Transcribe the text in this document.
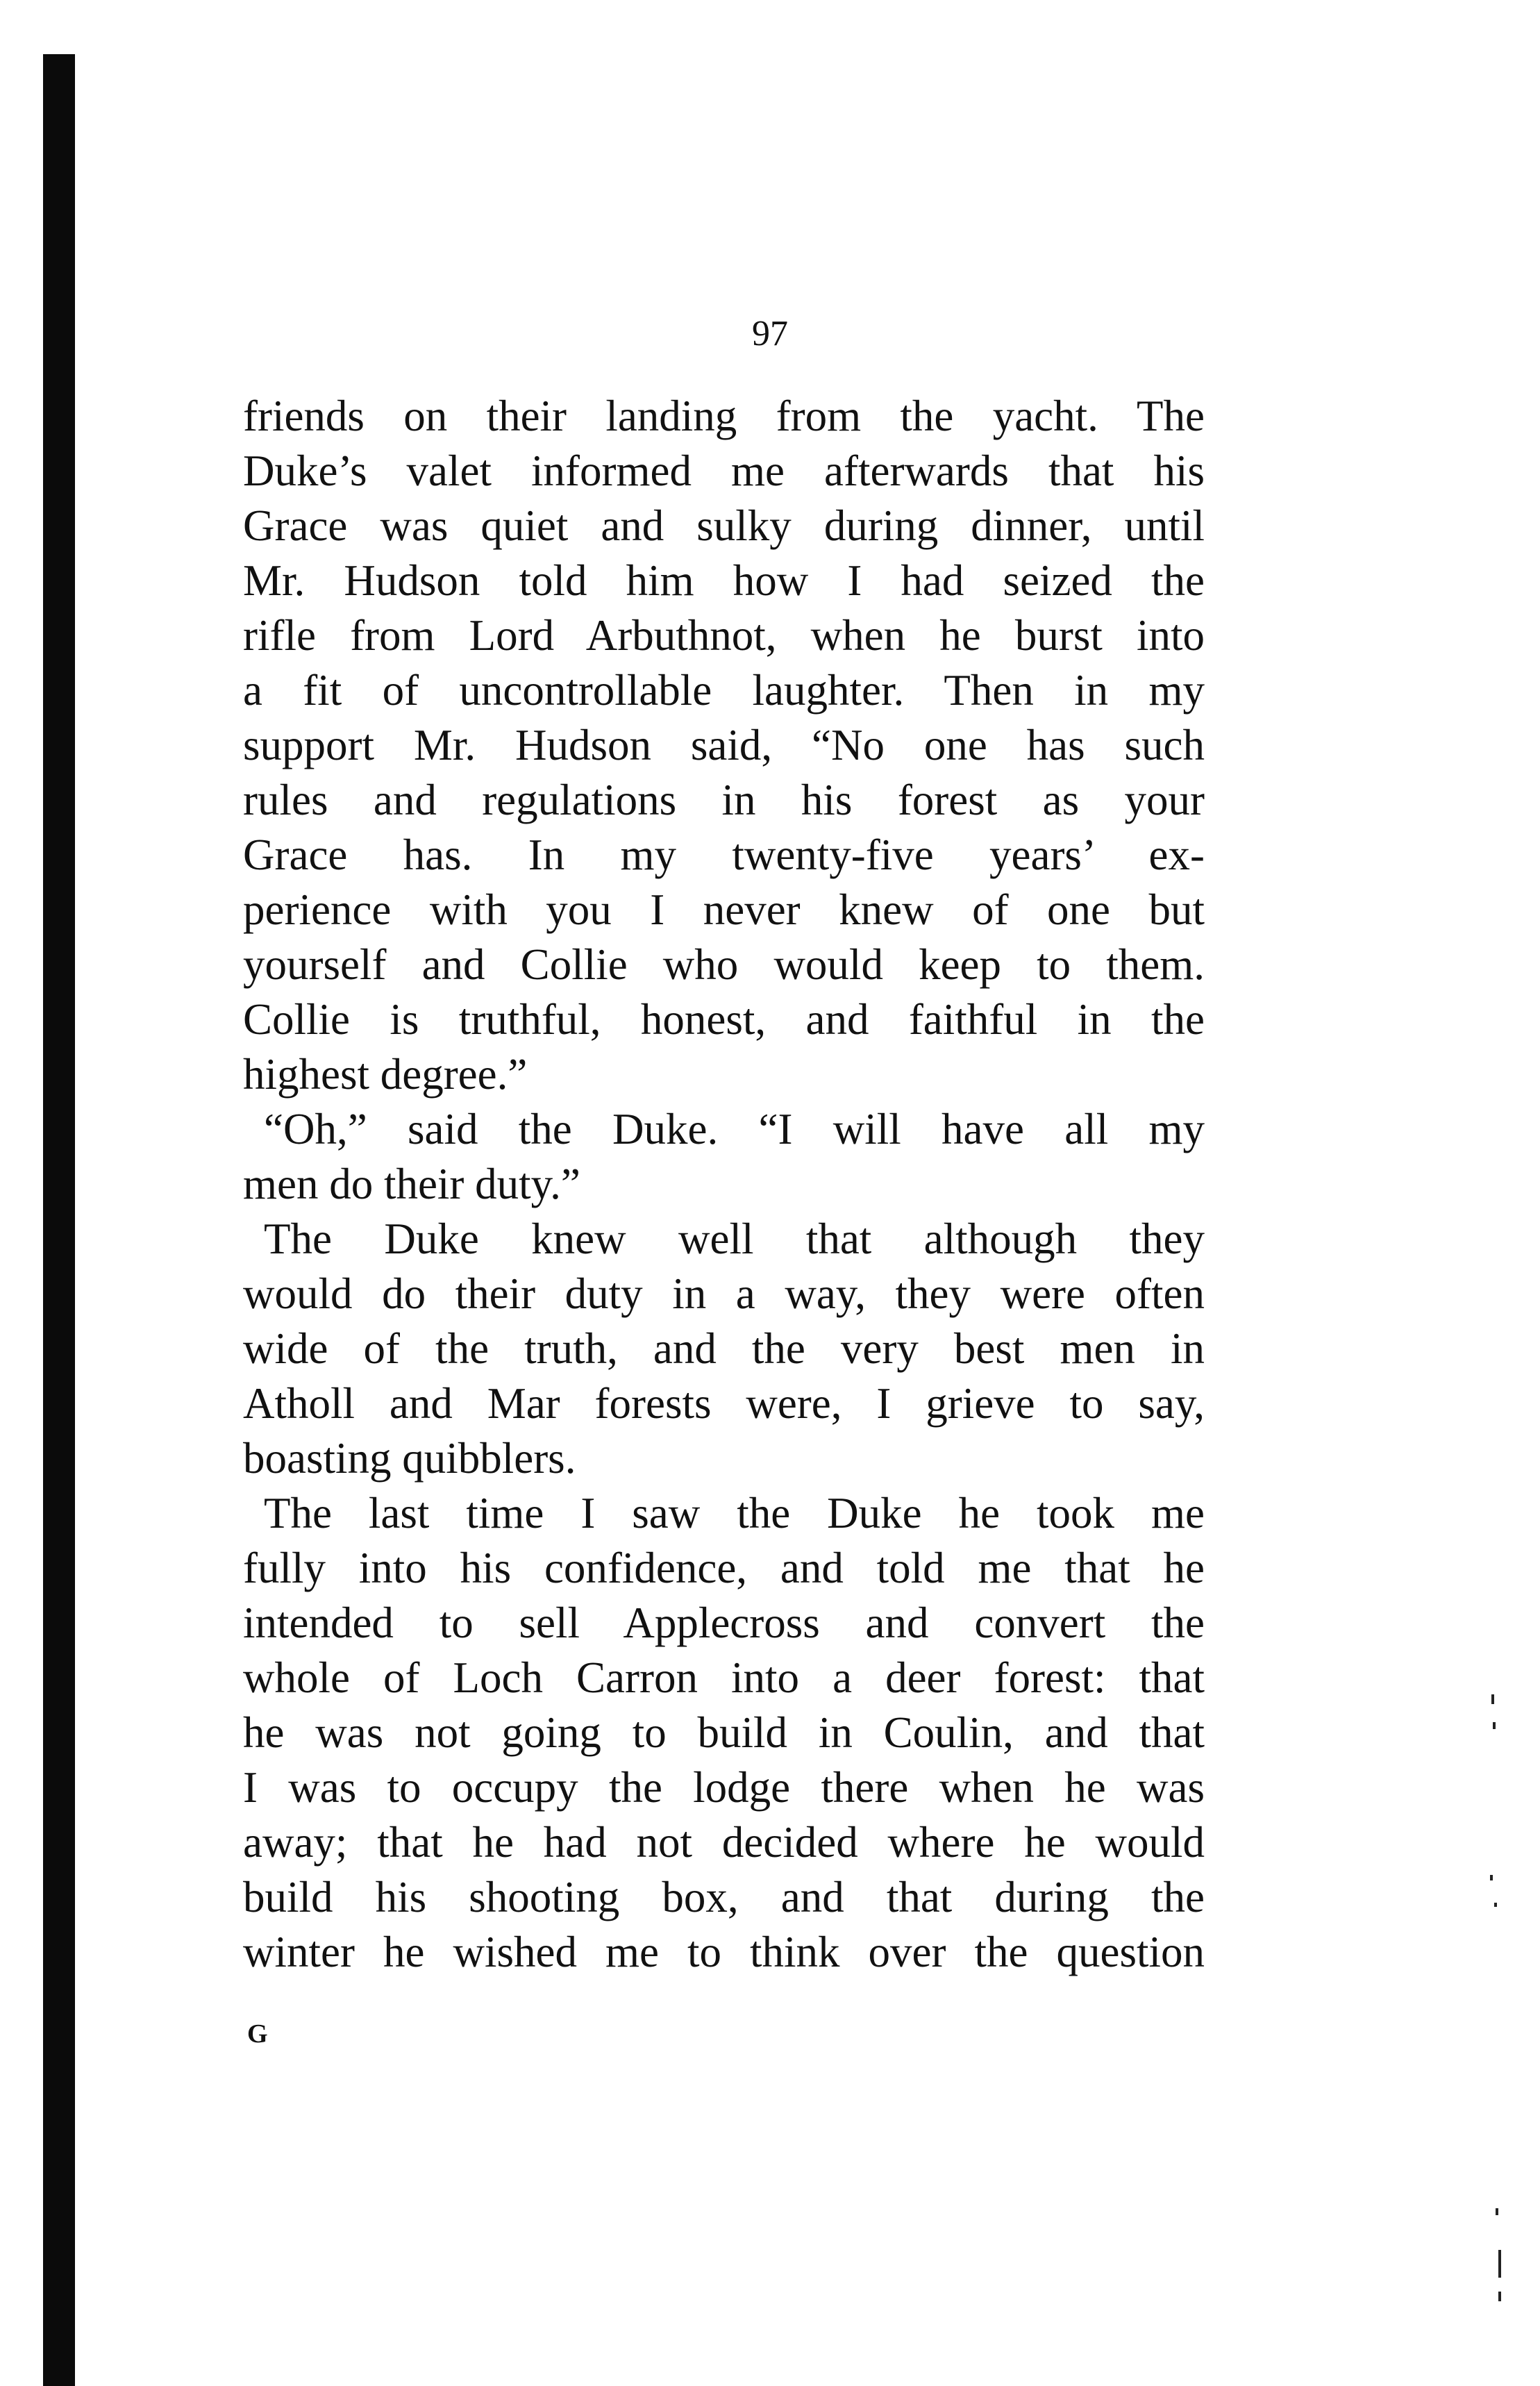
97
friends on their landing from the yacht. The
Duke’s valet informed me afterwards that his
Grace was quiet and sulky during dinner, until
Mr. Hudson told him how I had seized the
rifle from Lord Arbuthnot, when he burst into
a fit of uncontrollable laughter. Then in my
support Mr. Hudson said, “No one has such
rules and regulations in his forest as your
Grace has. In my twenty-five years’ ex-
perience with you I never knew of one but
yourself and Collie who would keep to them.
Collie is truthful, honest, and faithful in the
highest degree.”
“Oh,” said the Duke. “I will have all my
men do their duty.”
The Duke knew well that although they
would do their duty in a way, they were often
wide of the truth, and the very best men in
Atholl and Mar forests were, I grieve to say,
boasting quibblers.
The last time I saw the Duke he took me
fully into his confidence, and told me that he
intended to sell Applecross and convert the
whole of Loch Carron into a deer forest: that
he was not going to build in Coulin, and that
I was to occupy the lodge there when he was
away; that he had not decided where he would
build his shooting box, and that during the
winter he wished me to think over the question
G
